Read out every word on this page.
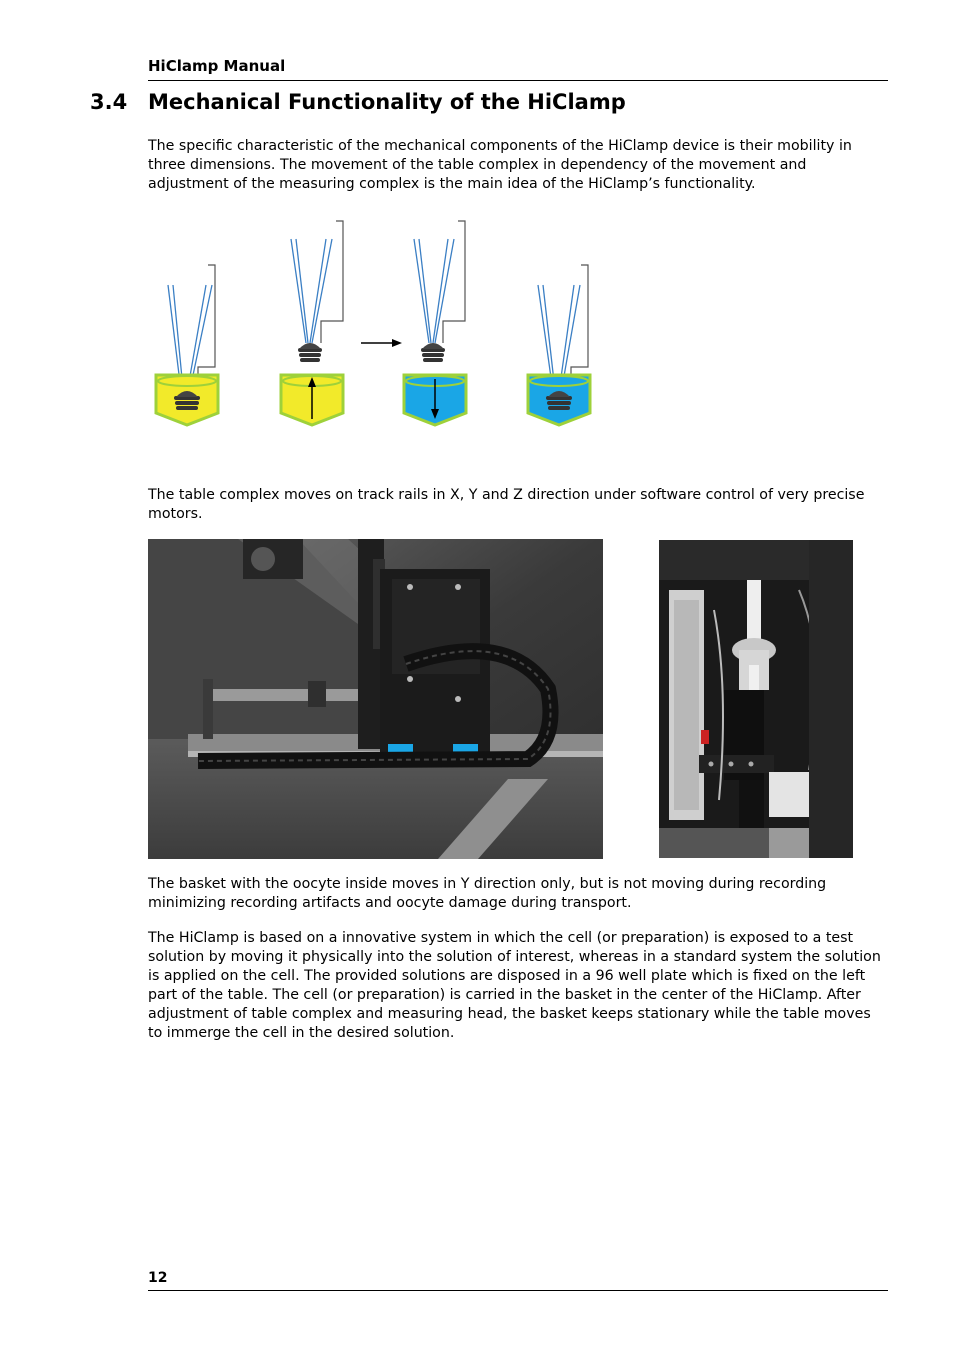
HiClamp Manual
3.4 Mechanical Functionality of the HiClamp

The specific characteristic of the mechanical components of the HiClamp device is their mobility in three dimensions. The movement of the table complex in dependency of the movement and adjustment of the measuring complex is the main idea of the HiClamp’s functionality.

The table complex moves on track rails in X, Y and Z direction under software control of very precise motors.

The basket with the oocyte inside moves in Y direction only, but is not moving during recording minimizing recording artifacts and oocyte damage during transport.

The HiClamp is based on a innovative system in which the cell (or preparation) is exposed to a test solution by moving it physically into the solution of interest, whereas in a standard system the solution is applied on the cell. The provided solutions are disposed in a 96 well plate which is fixed on the left part of the table. The cell (or preparation) is carried in the basket in the center of the HiClamp. After adjustment of table complex and measuring head, the basket keeps stationary while the table moves to immerge the cell in the desired solution.

12
